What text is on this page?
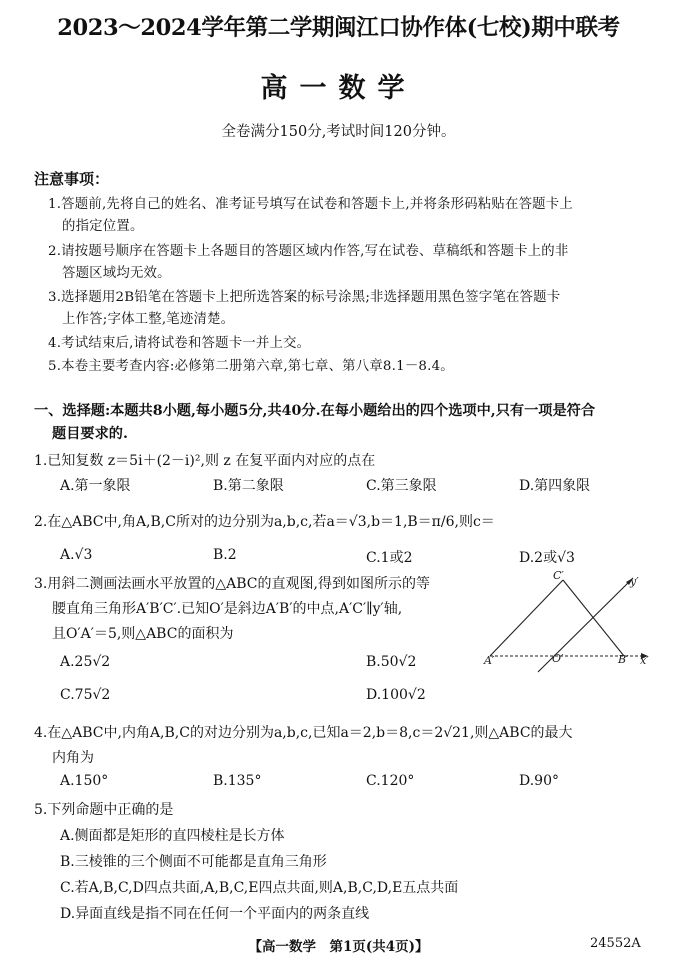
2023～2024学年第二学期闽江口协作体(七校)期中联考
高一数学
全卷满分150分,考试时间120分钟。
注意事项：
1.答题前,先将自己的姓名、准考证号填写在试卷和答题卡上,并将条形码粘贴在答题卡上
的指定位置。
2.请按题号顺序在答题卡上各题目的答题区域内作答,写在试卷、草稿纸和答题卡上的非
答题区域均无效。
3.选择题用2B铅笔在答题卡上把所选答案的标号涂黑;非选择题用黑色签字笔在答题卡
上作答;字体工整,笔迹清楚。
4.考试结束后,请将试卷和答题卡一并上交。
5.本卷主要考查内容:必修第二册第六章,第七章、第八章8.1－8.4。
一、选择题:本题共8小题,每小题5分,共40分.在每小题给出的四个选项中,只有一项是符合
题目要求的.
1.已知复数 z＝5i＋(2－i)²,则 z 在复平面内对应的点在
A.第一象限	B.第二象限	C.第三象限	D.第四象限
2.在△ABC中,角A,B,C所对的边分别为a,b,c,若a＝√3,b＝1,B＝π/6,则c＝
A.√3	B.2	C.1或2	D.2或√3
3.用斜二测画法画水平放置的△ABC的直观图,得到如图所示的等
腰直角三角形A′B′C′.已知O′是斜边A′B′的中点,A′C′∥y′轴,
且O′A′＝5,则△ABC的面积为
A.25√2	B.50√2
C.75√2	D.100√2
C′	y′
A′	O′	B′ x′
4.在△ABC中,内角A,B,C的对边分别为a,b,c,已知a＝2,b＝8,c＝2√21,则△ABC的最大
内角为
A.150°	B.135°	C.120°	D.90°
5.下列命题中正确的是
A.侧面都是矩形的直四棱柱是长方体
B.三棱锥的三个侧面不可能都是直角三角形
C.若A,B,C,D四点共面,A,B,C,E四点共面,则A,B,C,D,E五点共面
D.异面直线是指不同在任何一个平面内的两条直线
【高一数学　第1页(共4页)】	24552A
